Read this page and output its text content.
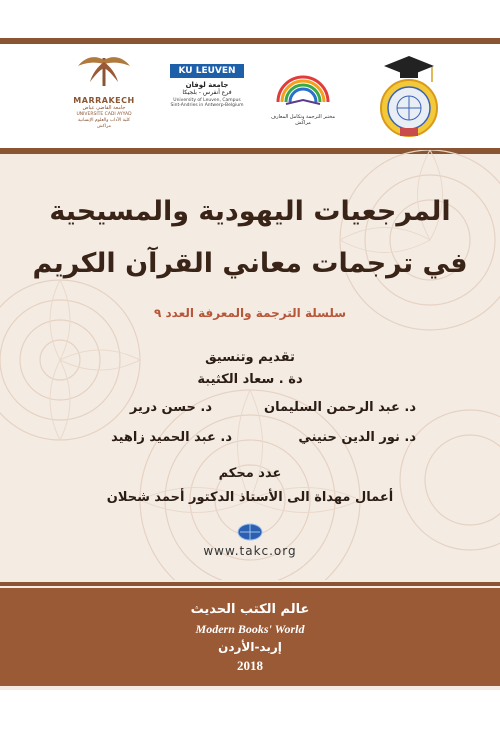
MARRAKECH
جامعة القاضي عياض
UNIVERSITE CADI AYYAD
كلية الآداب والعلوم الإنسانية
مراكش
KU LEUVEN
جامعة لوفان
فرع أنفرس - بلجيكا
University of Leuven, Campus
Sint-Andries in Antwerp-Belgium
مختبر الترجمة وتكامل المعارف
مراكش
المرجعيات اليهودية والمسيحية
في ترجمات معاني القرآن الكريم
سلسلة الترجمة والمعرفة العدد ٩
تقديم وتنسيق
دة . سعاد الكثيبة
د. عبد الرحمن السليمان
د. حسن درير
د. نور الدين حنيني
د. عبد الحميد زاهيد
عدد محكم
أعمال مهداة الى الأستاذ الدكتور أحمد شحلان
www.takc.org
عالم الكتب الحديث
Modern Books' World
إربد-الأردن
2018
